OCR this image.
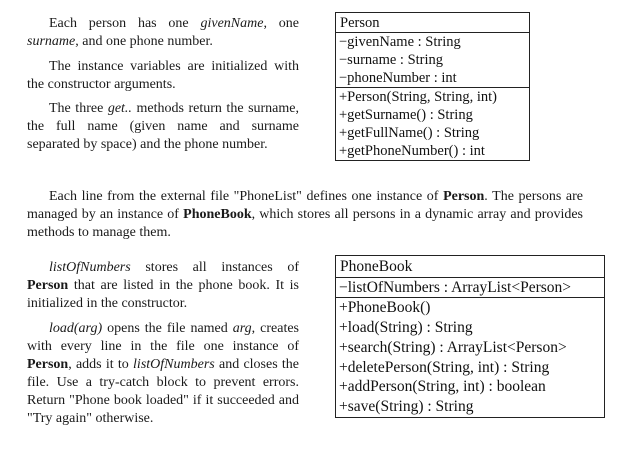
Each person has one givenName, one surname, and one phone number.

The instance variables are initialized with the constructor arguments.

The three get.. methods return the surname, the full name (given name and surname separated by space) and the phone number.

Each line from the external file "PhoneList" defines one instance of Person. The persons are managed by an instance of PhoneBook, which stores all persons in a dynamic array and provides methods to manage them.

listOfNumbers stores all instances of Person that are listed in the phone book. It is initialized in the constructor.

load(arg) opens the file named arg, creates with every line in the file one instance of Person, adds it to listOfNumbers and closes the file. Use a try-catch block to prevent errors. Return "Phone book loaded" if it succeeded and "Try again" otherwise.

Person
−givenName : String
−surname : String
−phoneNumber : int
+Person(String, String, int)
+getSurname() : String
+getFullName() : String
+getPhoneNumber() : int
PhoneBook
−listOfNumbers : ArrayList<Person>
+PhoneBook()
+load(String) : String
+search(String) : ArrayList<Person>
+deletePerson(String, int) : String
+addPerson(String, int) : boolean
+save(String) : String
